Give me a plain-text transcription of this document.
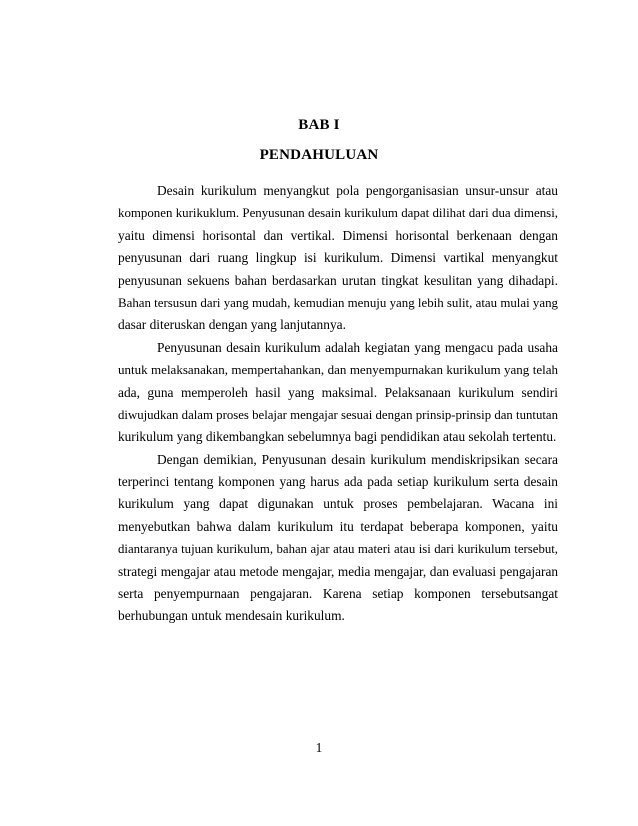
BAB I
PENDAHULUAN
Desain kurikulum menyangkut pola pengorganisasian unsur-unsur atau
komponen kurikuklum. Penyusunan desain kurikulum dapat dilihat dari dua dimensi,
yaitu dimensi horisontal dan vertikal. Dimensi horisontal berkenaan dengan
penyusunan dari ruang lingkup isi kurikulum. Dimensi vartikal menyangkut
penyusunan sekuens bahan berdasarkan urutan tingkat kesulitan yang dihadapi.
Bahan tersusun dari yang mudah, kemudian menuju yang lebih sulit, atau mulai yang
dasar diteruskan dengan yang lanjutannya.
Penyusunan desain kurikulum adalah kegiatan yang mengacu pada usaha
untuk melaksanakan, mempertahankan, dan menyempurnakan kurikulum yang telah
ada, guna memperoleh hasil yang maksimal. Pelaksanaan kurikulum sendiri
diwujudkan dalam proses belajar mengajar sesuai dengan prinsip-prinsip dan tuntutan
kurikulum yang dikembangkan sebelumnya bagi pendidikan atau sekolah tertentu.
Dengan demikian, Penyusunan desain kurikulum mendiskripsikan secara
terperinci tentang komponen yang harus ada pada setiap kurikulum serta desain
kurikulum yang dapat digunakan untuk proses pembelajaran. Wacana ini
menyebutkan bahwa dalam kurikulum itu terdapat beberapa komponen, yaitu
diantaranya tujuan kurikulum, bahan ajar atau materi atau isi dari kurikulum tersebut,
strategi mengajar atau metode mengajar, media mengajar, dan evaluasi pengajaran
serta penyempurnaan pengajaran. Karena setiap komponen tersebutsangat
berhubungan untuk mendesain kurikulum.
1
